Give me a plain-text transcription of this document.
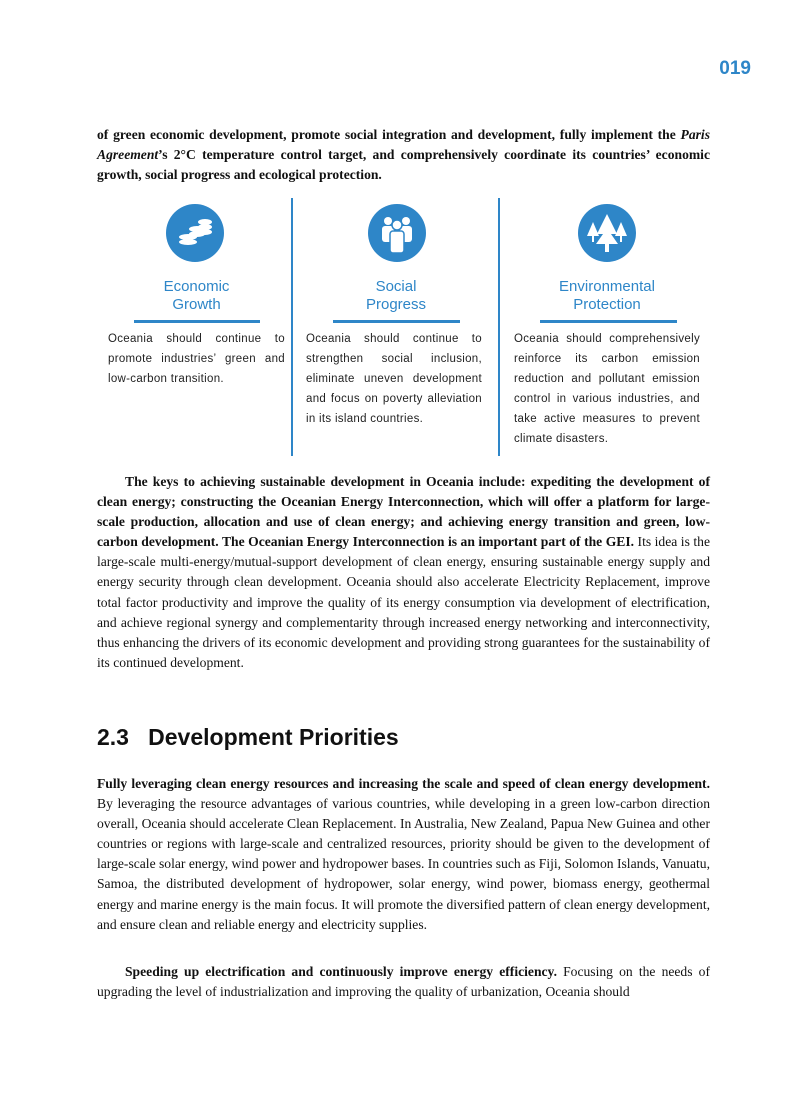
019

of green economic development, promote social integration and development, fully implement the Paris Agreement’s 2°C temperature control target, and comprehensively coordinate its countries’ economic growth, social progress and ecological protection.

Economic
Growth
Oceania should continue to promote industries’ green and low-carbon transition.
Social
Progress
Oceania should continue to strengthen social inclusion, eliminate uneven development and focus on poverty alleviation in its island countries.
Environmental
Protection
Oceania should comprehensively reinforce its carbon emission reduction and pollutant emission control in various industries, and take active measures to prevent climate disasters.

The keys to achieving sustainable development in Oceania include: expediting the development of clean energy; constructing the Oceanian Energy Interconnection, which will offer a platform for large-scale production, allocation and use of clean energy; and achieving energy transition and green, low-carbon development. The Oceanian Energy Interconnection is an important part of the GEI. Its idea is the large-scale multi-energy/mutual-support development of clean energy, ensuring sustainable energy supply and energy security through clean development. Oceania should also accelerate Electricity Replacement, improve total factor productivity and improve the quality of its energy consumption via development of electrification, and achieve regional synergy and complementarity through increased energy networking and interconnectivity, thus enhancing the drivers of its economic development and providing strong guarantees for the sustainability of its continued development.

2.3   Development Priorities

Fully leveraging clean energy resources and increasing the scale and speed of clean energy development. By leveraging the resource advantages of various countries, while developing in a green low-carbon direction overall, Oceania should accelerate Clean Replacement. In Australia, New Zealand, Papua New Guinea and other countries or regions with large-scale and centralized resources, priority should be given to the development of large-scale solar energy, wind power and hydropower bases. In countries such as Fiji, Solomon Islands, Vanuatu, Samoa, the distributed development of hydropower, solar energy, wind power, biomass energy, geothermal energy and marine energy is the main focus. It will promote the diversified pattern of clean energy development, and ensure clean and reliable energy and electricity supplies.

Speeding up electrification and continuously improve energy efficiency. Focusing on the needs of upgrading the level of industrialization and improving the quality of urbanization, Oceania should
